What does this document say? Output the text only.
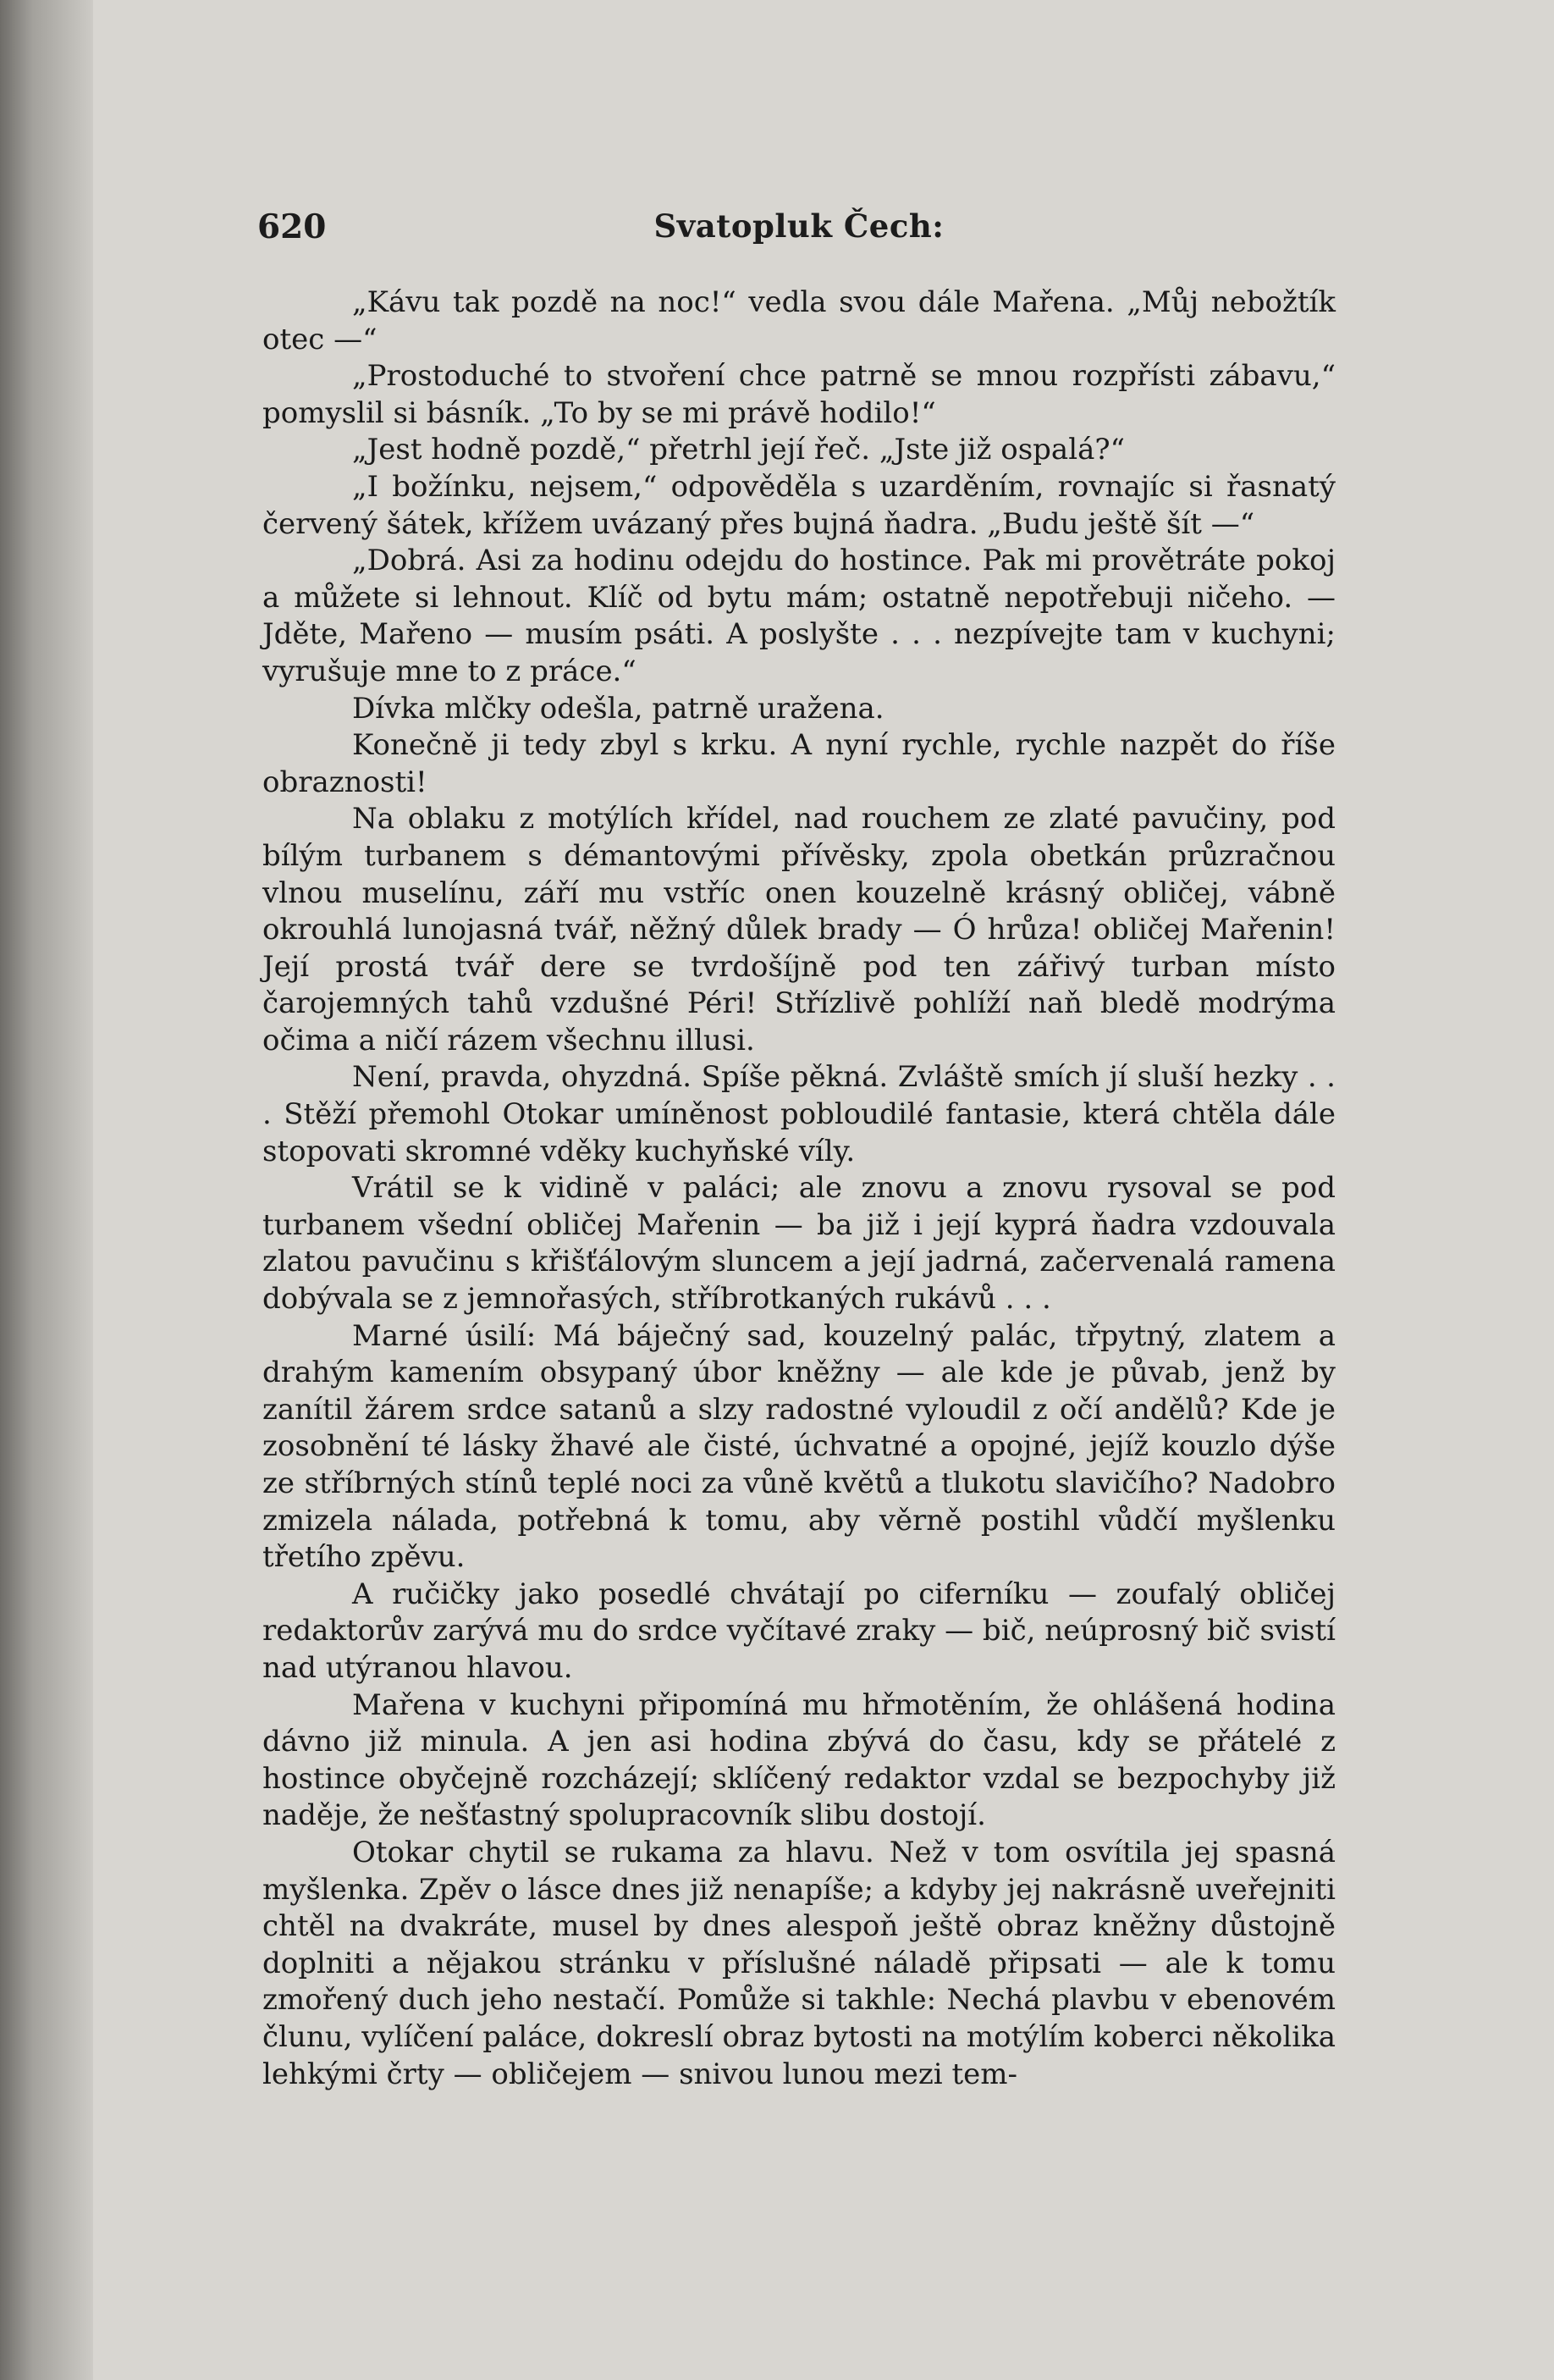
620	Svatopluk Čech:

„Kávu tak pozdě na noc!“ vedla svou dále Mařena. „Můj nebožtík otec —“

„Prostoduché to stvoření chce patrně se mnou rozpřísti zábavu,“ pomyslil si básník. „To by se mi právě hodilo!“

„Jest hodně pozdě,“ přetrhl její řeč. „Jste již ospalá?“

„I božínku, nejsem,“ odpověděla s uzarděním, rovnajíc si řasnatý červený šátek, křížem uvázaný přes bujná ňadra. „Budu ještě šít —“

„Dobrá. Asi za hodinu odejdu do hostince. Pak mi provětráte pokoj a můžete si lehnout. Klíč od bytu mám; ostatně nepotřebuji ničeho. — Jděte, Mařeno — musím psáti. A poslyšte . . . nezpívejte tam v kuchyni; vyrušuje mne to z práce.“

Dívka mlčky odešla, patrně uražena.

Konečně ji tedy zbyl s krku. A nyní rychle, rychle nazpět do říše obraznosti!

Na oblaku z motýlích křídel, nad rouchem ze zlaté pavučiny, pod bílým turbanem s démantovými přívěsky, zpola obetkán průzračnou vlnou muselínu, září mu vstříc onen kouzelně krásný obličej, vábně okrouhlá lunojasná tvář, něžný důlek brady — Ó hrůza! obličej Mařenin! Její prostá tvář dere se tvrdošíjně pod ten zářivý turban místo čarojemných tahů vzdušné Péri! Střízlivě pohlíží naň bledě modrýma očima a ničí rázem všechnu illusi.

Není, pravda, ohyzdná. Spíše pěkná. Zvláště smích jí sluší hezky . . . Stěží přemohl Otokar umíněnost pobloudilé fantasie, která chtěla dále stopovati skromné vděky kuchyňské víly.

Vrátil se k vidině v paláci; ale znovu a znovu rysoval se pod turbanem všední obličej Mařenin — ba již i její kyprá ňadra vzdouvala zlatou pavučinu s křišťálovým sluncem a její jadrná, začervenalá ramena dobývala se z jemnořasých, stříbrotkaných rukávů . . .

Marné úsilí: Má báječný sad, kouzelný palác, třpytný, zlatem a drahým kamením obsypaný úbor kněžny — ale kde je půvab, jenž by zanítil žárem srdce satanů a slzy radostné vyloudil z očí andělů? Kde je zosobnění té lásky žhavé ale čisté, úchvatné a opojné, jejíž kouzlo dýše ze stříbrných stínů teplé noci za vůně květů a tlukotu slavičího? Nadobro zmizela nálada, potřebná k tomu, aby věrně postihl vůdčí myšlenku třetího zpěvu.

A ručičky jako posedlé chvátají po ciferníku — zoufalý obličej redaktorův zarývá mu do srdce vyčítavé zraky — bič, neúprosný bič svistí nad utýranou hlavou.

Mařena v kuchyni připomíná mu hřmotěním, že ohlášená hodina dávno již minula. A jen asi hodina zbývá do času, kdy se přátelé z hostince obyčejně rozcházejí; sklíčený redaktor vzdal se bezpochyby již naděje, že nešťastný spolupracovník slibu dostojí.

Otokar chytil se rukama za hlavu. Než v tom osvítila jej spasná myšlenka. Zpěv o lásce dnes již nenapíše; a kdyby jej nakrásně uveřejniti chtěl na dvakráte, musel by dnes alespoň ještě obraz kněžny důstojně doplniti a nějakou stránku v příslušné náladě připsati — ale k tomu zmořený duch jeho nestačí. Pomůže si takhle: Nechá plavbu v ebenovém člunu, vylíčení paláce, dokreslí obraz bytosti na motýlím koberci několika lehkými črty — obličejem — snivou lunou mezi tem-
